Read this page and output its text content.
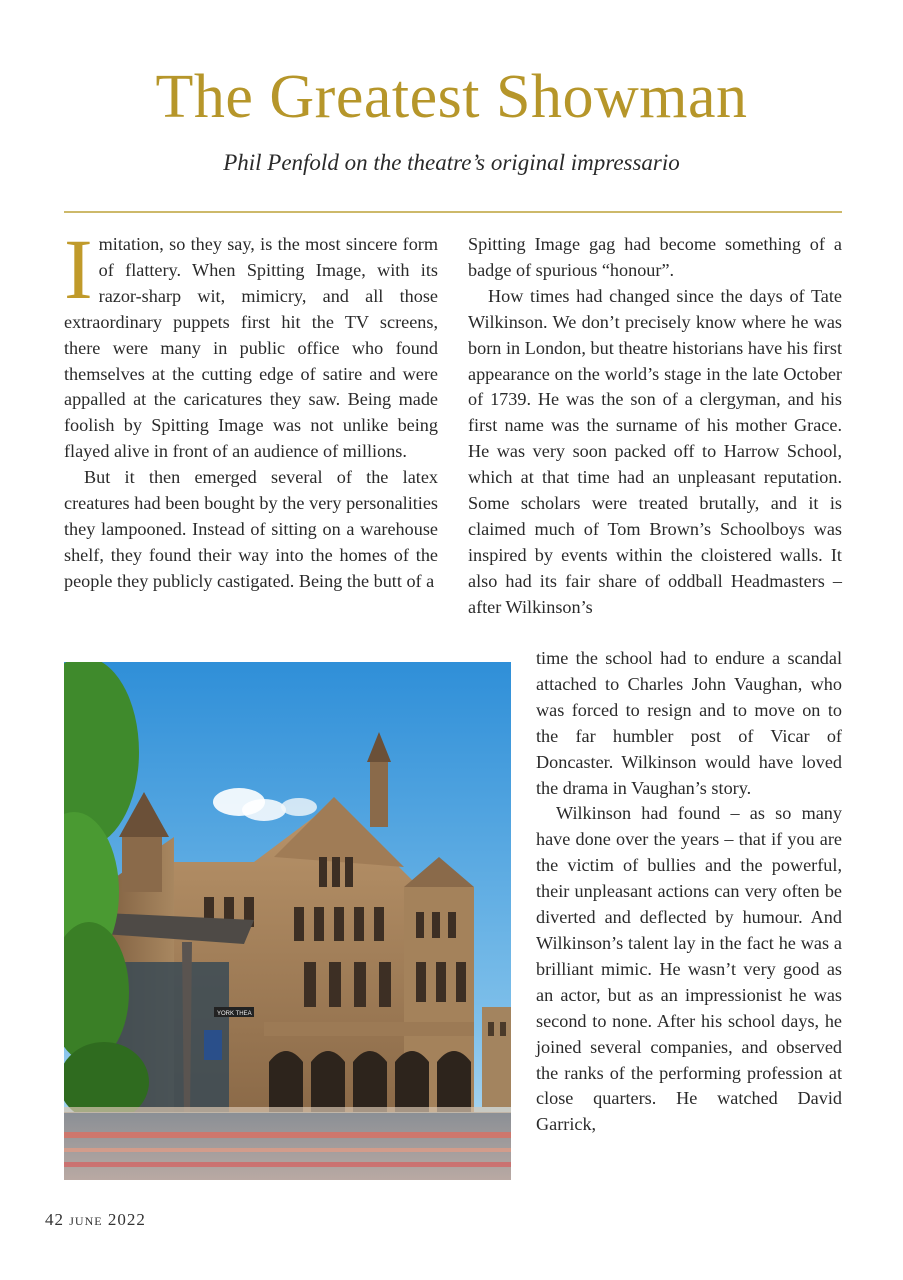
The Greatest Showman

Phil Penfold on the theatre’s original impressario

Imitation, so they say, is the most sincere form of flattery. When Spitting Image, with its razor-sharp wit, mimicry, and all those extraordinary puppets first hit the TV screens, there were many in public office who found themselves at the cutting edge of satire and were appalled at the caricatures they saw. Being made foolish by Spitting Image was not unlike being flayed alive in front of an audience of millions.

But it then emerged several of the latex creatures had been bought by the very personalities they lampooned. Instead of sitting on a warehouse shelf, they found their way into the homes of the people they publicly castigated. Being the butt of a

Spitting Image gag had become something of a badge of spurious “honour”.

How times had changed since the days of Tate Wilkinson. We don’t precisely know where he was born in London, but theatre historians have his first appearance on the world’s stage in the late October of 1739. He was the son of a clergyman, and his first name was the surname of his mother Grace. He was very soon packed off to Harrow School, which at that time had an unpleasant reputation. Some scholars were treated brutally, and it is claimed much of Tom Brown’s Schoolboys was inspired by events within the cloistered walls. It also had its fair share of oddball Headmasters – after Wilkinson’s

time the school had to endure a scandal attached to Charles John Vaughan, who was forced to resign and to move on to the far humbler post of Vicar of Doncaster. Wilkinson would have loved the drama in Vaughan’s story.

Wilkinson had found – as so many have done over the years – that if you are the victim of bullies and the powerful, their unpleasant actions can very often be diverted and deflected by humour. And Wilkinson’s talent lay in the fact he was a brilliant mimic. He wasn’t very good as an actor, but as an impressionist he was second to none. After his school days, he joined several companies, and observed the ranks of the performing profession at close quarters. He watched David Garrick,

YORK THEA
42 june 2022
